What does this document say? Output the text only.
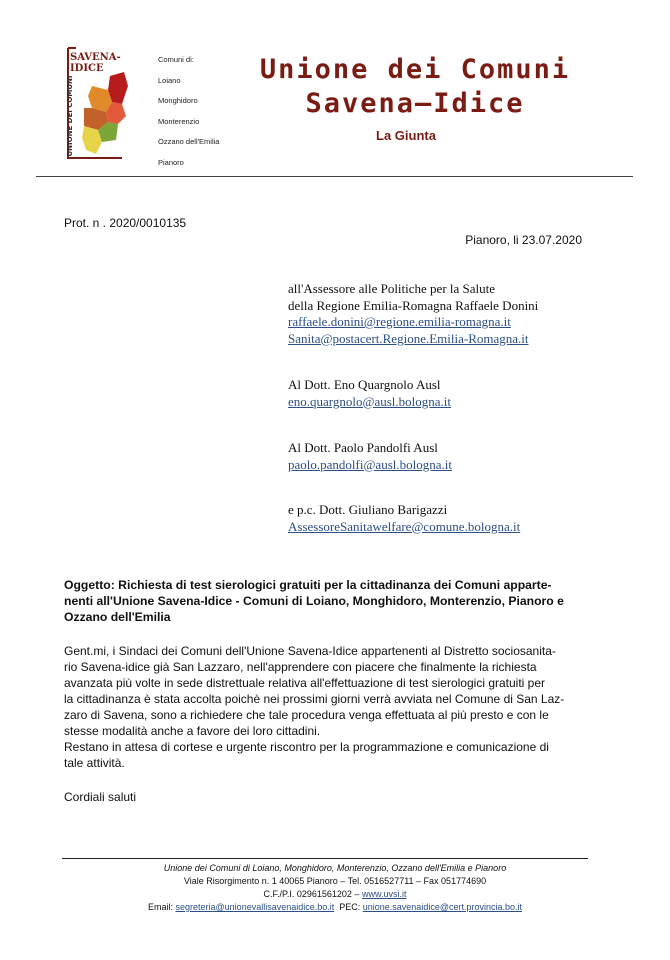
SAVENA-IDICE
UNIONE DEI COMUNI
Comuni di:
Loiano
Monghidoro
Monterenzio
Ozzano dell'Emilia
Pianoro
Unione dei Comuni
Savena–Idice
La Giunta
Prot. n . 2020/0010135
Pianoro, li 23.07.2020
all'Assessore alle Politiche per la Salute
della Regione Emilia-Romagna Raffaele Donini
raffaele.donini@regione.emilia-romagna.it
Sanita@postacert.Regione.Emilia-Romagna.it
Al Dott. Eno Quargnolo Ausl
eno.quargnolo@ausl.bologna.it
Al Dott. Paolo Pandolfi Ausl
paolo.pandolfi@ausl.bologna.it
e p.c. Dott. Giuliano Barigazzi
AssessoreSanitawelfare@comune.bologna.it
Oggetto: Richiesta di test sierologici gratuiti per la cittadinanza dei Comuni apparte-
nenti all'Unione Savena-Idice - Comuni di Loiano, Monghidoro, Monterenzio, Pianoro e
Ozzano dell'Emilia
Gent.mi, i Sindaci dei Comuni dell'Unione Savena-Idice appartenenti al Distretto sociosanita-
rio Savena-idice già San Lazzaro, nell'apprendere con piacere che finalmente la richiesta
avanzata più volte in sede distrettuale relativa all'effettuazione di test sierologici gratuiti per
la cittadinanza è stata accolta poichè nei prossimi giorni verrà avviata nel Comune di San Laz-
zaro di Savena, sono a richiedere che tale procedura venga effettuata al più presto e con le
stesse modalità anche a favore dei loro cittadini.
Restano in attesa di cortese e urgente riscontro per la programmazione e comunicazione di
tale attività.
Cordiali saluti
Unione dei Comuni di Loiano, Monghidoro, Monterenzio, Ozzano dell'Emilia e Pianoro
Viale Risorgimento n. 1 40065 Pianoro – Tel. 0516527711 – Fax 051774690
C.F./P.I. 02961561202 – www.uvsi.it
Email: segreteria@unionevallisavenaidice.bo.it  PEC: unione.savenaidice@cert.provincia.bo.it
